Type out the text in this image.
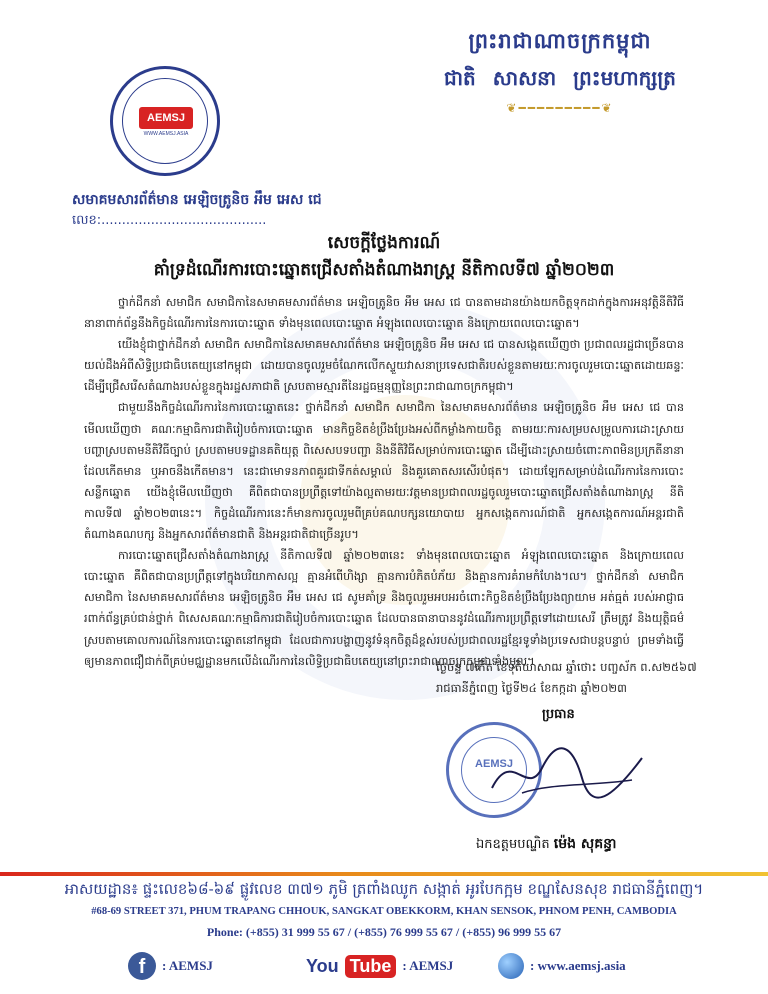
ព្រះរាជាណាចក្រកម្ពុជា
ជាតិ សាសនា ព្រះមហាក្សត្រ
❦━━━━━━━━━❦
AEMSJ
WWW.AEMSJ.ASIA
សមាគមសារព័ត៌មាន អេឡិចត្រូនិច អឹម អេស ជេ
លេខ:........................................
សេចក្តីថ្លែងការណ៍
គាំទ្រដំណើរការបោះឆ្នោតជ្រើសតាំងតំណាងរាស្ត្រ នីតិកាលទី៧ ឆ្នាំ២០២៣

ថ្នាក់ដឹកនាំ សមាជិក សមាជិកានៃសមាគមសារព័ត៌មាន អេឡិចត្រូនិច អឹម អេស ជេ បានតាមដានយ៉ាងយកចិត្តទុកដាក់ក្នុងការអនុវត្តិនីតិវិធីនានាពាក់ព័ន្ធនឹងកិច្ចដំណើរការនៃការបោះឆ្នោត ទាំងមុនពេលបោះឆ្នោត អំឡុងពេលបោះឆ្នោត និងក្រោយពេលបោះឆ្នោត។

យើងខ្ញុំជាថ្នាក់ដឹកនាំ សមាជិក សមាជិកានៃសមាគមសារព័ត៌មាន អេឡិចត្រូនិច អឹម អេស ជេ បានសង្កេតឃើញថា ប្រជាពលរដ្ឋជាច្រើនបានយល់ដឹងអំពីសិទ្ធិប្រជាធិបតេយ្យនៅកម្ពុជា ដោយបានចូលរួមចំណែកលើកស្ទួយវាសនាប្រទេសជាតិរបស់ខ្លួនតាមរយៈការចូលរួមបោះឆ្នោតដោយឆន្ទៈដើម្បីជ្រើសរើសតំណាងរបស់ខ្លួនក្នុងរដ្ឋសភាជាតិ ស្របតាមស្មារតីនៃរដ្ឋធម្មនុញ្ញនៃព្រះរាជាណាចក្រកម្ពុជា។

ជាមួយនឹងកិច្ចដំណើរការនៃការបោះឆ្នោតនេះ ថ្នាក់ដឹកនាំ សមាជិក សមាជិកា នៃសមាគមសារព័ត៌មាន អេឡិចត្រូនិច អឹម អេស ជេ បានមើលឃើញថា គណៈកម្មាធិការជាតិរៀបចំការបោះឆ្នោត មានកិច្ចខិតខំប្រឹងប្រែងអស់ពីកម្លាំងកាយចិត្ត តាមរយៈការសម្របសម្រួលការដោះស្រាយបញ្ហាស្របតាមនីតិវិធីច្បាប់ ស្របតាមបទដ្ឋានគតិយុត្ត ពិសេសបទបញ្ជា និងនីតិវិធីសម្រាប់ការបោះឆ្នោត ដើម្បីដោះស្រាយចំពោះភាពមិនប្រក្រតីនានាដែលកើតមាន ឬអាចនឹងកើតមាន។ នេះជាមោទនភាពគួរជាទីកត់សម្គាល់ និងគួរគោតសរសើរបំផុត។ ដោយឡែកសម្រាប់ដំណើរការនៃការបោះសន្លឹកឆ្នោត យើងខ្ញុំមើលឃើញថា គឺពិតជាបានប្រព្រឹត្តទៅយ៉ាងល្អតាមរយៈវត្តមានប្រជាពលរដ្ឋចូលរួមបោះឆ្នោតជ្រើសតាំងតំណាងរាស្ត្រ នីតិកាលទី៧ ឆ្នាំ២០២៣នេះ។ កិច្ចដំណើរការនេះក៏មានការចូលរួមពីគ្រប់គណបក្សនយោបាយ អ្នកសង្កេតការណ៍ជាតិ អ្នកសង្កេតការណ៍អន្តរជាតិ តំណាងគណបក្ស និងអ្នកសារព័ត៌មានជាតិ និងអន្តរជាតិជាច្រើនរូប។

ការបោះឆ្នោតជ្រើសតាំងតំណាងរាស្ត្រ នីតិកាលទី៧ ឆ្នាំ២០២៣នេះ ទាំងមុនពេលបោះឆ្នោត អំឡុងពេលបោះឆ្នោត និងក្រោយពេលបោះឆ្នោត គឺពិតជាបានប្រព្រឹត្តទៅក្នុងបរិយាកាសល្អ គ្មានអំពើហិង្សា គ្មានការបំភិតបំភ័យ និងគ្មានការគំរាមកំហែង។ល។ ថ្នាក់ដឹកនាំ សមាជិក សមាជិកា នៃសមាគមសារព័ត៌មាន អេឡិចត្រូនិច អឹម អេស ជេ សូមគាំទ្រ និងចូលរួមអបអរចំពោះកិច្ចខិតខំប្រឹងប្រែងព្យាយាម អត់ធ្មត់ របស់អាជ្ញាធរពាក់ព័ន្ធគ្រប់ជាន់ថ្នាក់ ពិសេសគណៈកម្មាធិការជាតិរៀបចំការបោះឆ្នោត ដែលបានធានាបាននូវដំណើរការប្រព្រឹត្តទៅដោយសេរី ត្រឹមត្រូវ និងយុត្តិធម៌ ស្របតាមគោលការណ៍នៃការបោះឆ្នោតនៅកម្ពុជា ដែលជាការបង្ហាញនូវទំនុកចិត្តដ៏ខ្ពស់របស់ប្រជាពលរដ្ឋខ្មែរទូទាំងប្រទេសជាបន្តបន្ទាប់ ព្រមទាំងធ្វើឲ្យមានភាពជឿជាក់ពីគ្រប់មជ្ឈដ្ឋានមកលើដំណើរការនៃលិទ្ធិប្រជាធិបតេយ្យនៅព្រះរាជាណាចក្រកម្ពុជាទាំងមូល។

ថ្ងៃចន្ទ ៧កើត ខែទុតិយាសាឍ ឆ្នាំថោះ បញ្ចស័ក ព.ស២៥៦៧
រាជធានីភ្នំពេញ ថ្ងៃទី២៤ ខែកក្កដា ឆ្នាំ២០២៣
ប្រធាន
AEMSJ
ឯកឧត្តមបណ្ឌិត ម៉េង សុគន្ធា
អាសយដ្ឋាន៖ ផ្ទះលេខ៦៨-៦៩ ផ្លូវលេខ ៣៧១ ភូមិ ត្រពាំងឈូក សង្កាត់ អូរបែកក្អម ខណ្ឌសែនសុខ រាជធានីភ្នំពេញ។
#68-69 STREET 371, PHUM TRAPANG CHHOUK, SANGKAT OBEKKORM, KHAN SENSOK, PHNOM PENH, CAMBODIA
Phone: (+855) 31 999 55 67 / (+855) 76 999 55 67 / (+855) 96 999 55 67
f	: AEMSJ	You Tube : AEMSJ	: www.aemsj.asia
